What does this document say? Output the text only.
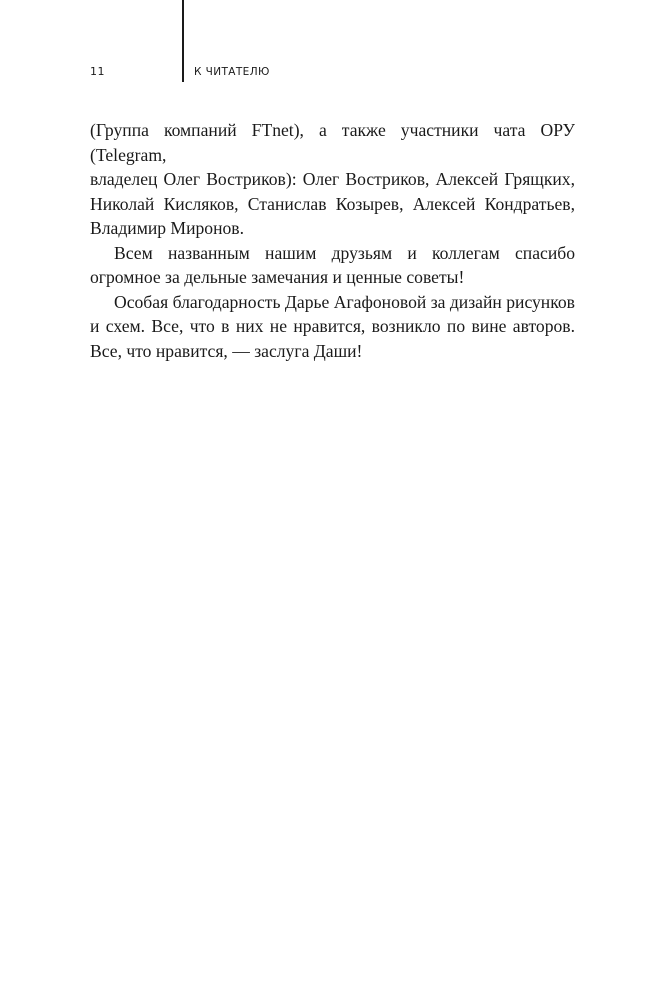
11	К ЧИТАТЕЛЮ

(Группа компаний FTnet), а также участники чата ОРУ (Telegram,
владелец Олег Востриков): Олег Востриков, Алексей Грящких,
Николай Кисляков, Станислав Козырев, Алексей Кондратьев,
Владимир Миронов.

Всем названным нашим друзьям и коллегам спасибо огромное за дельные замечания и ценные советы!

Особая благодарность Дарье Агафоновой за дизайн рисунков и схем. Все, что в них не нравится, возникло по вине авторов. Все, что нравится, — заслуга Даши!
